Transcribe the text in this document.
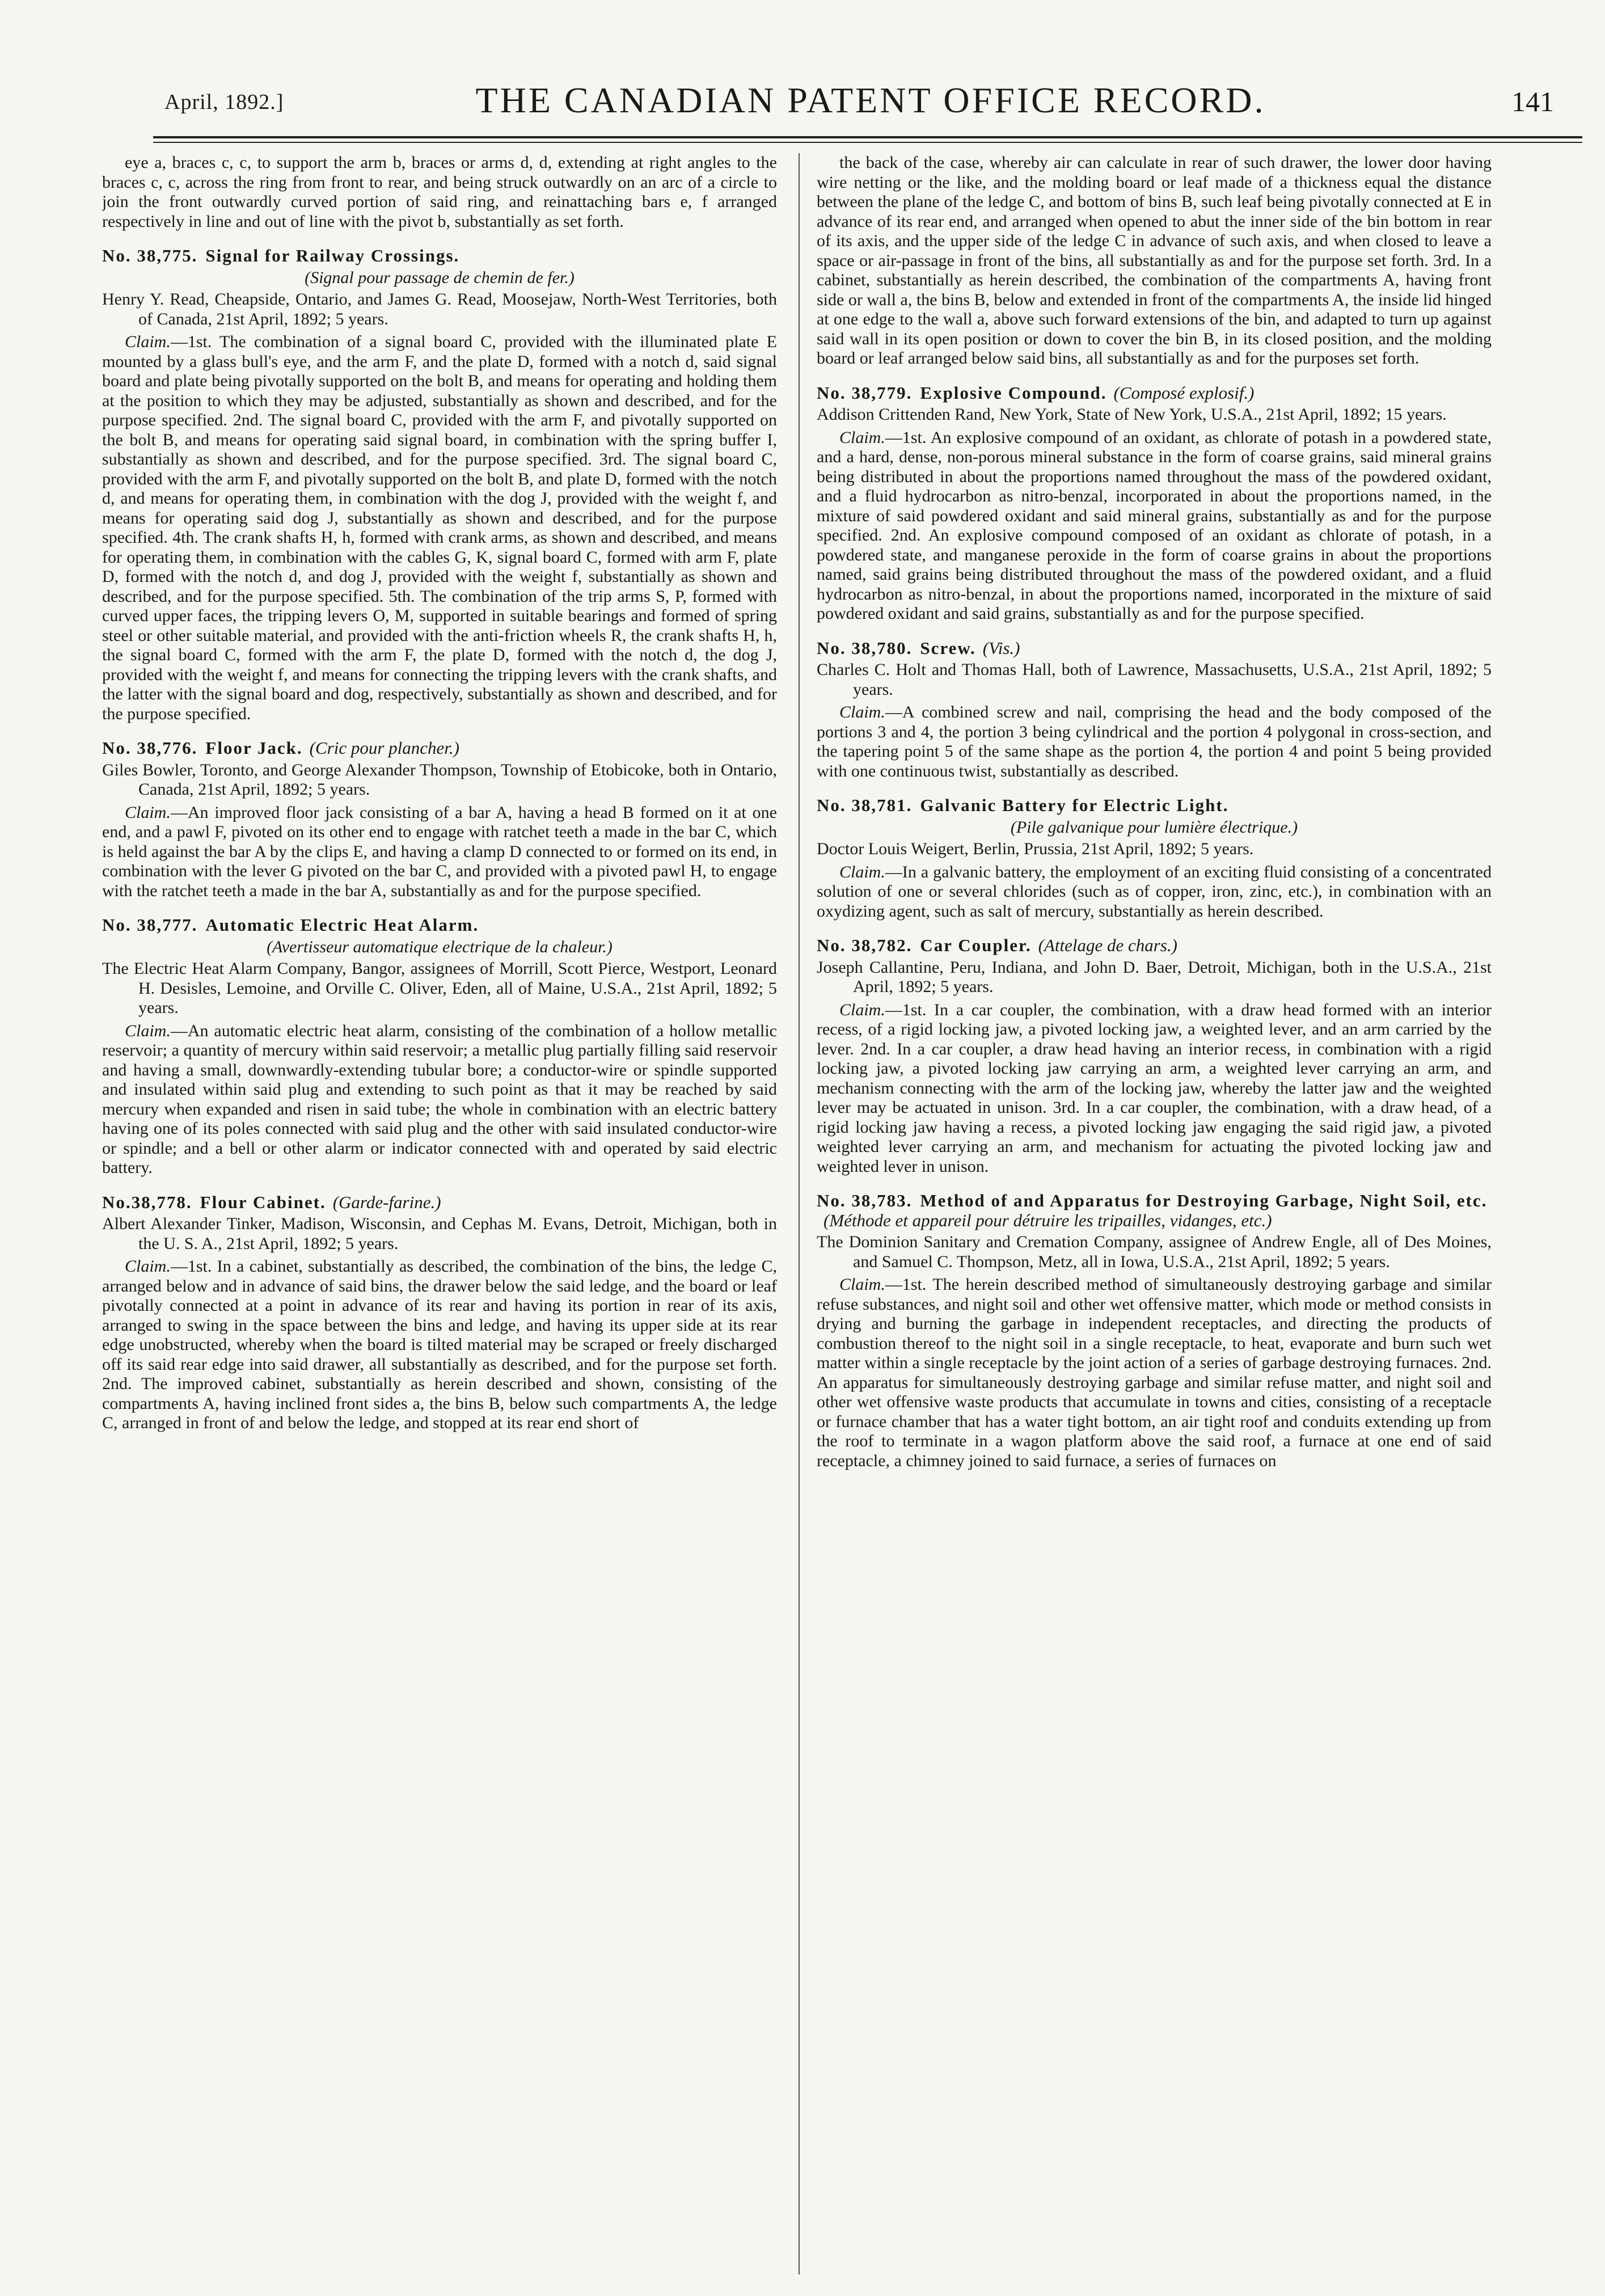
April, 1892.]	THE CANADIAN PATENT OFFICE RECORD.	141

eye a, braces c, c, to support the arm b, braces or arms d, d, extending at right angles to the braces c, c, across the ring from front to rear, and being struck outwardly on an arc of a circle to join the front outwardly curved portion of said ring, and reinattaching bars e, f arranged respectively in line and out of line with the pivot b, substantially as set forth.

No. 38,775. Signal for Railway Crossings.
(Signal pour passage de chemin de fer.)

Henry Y. Read, Cheapside, Ontario, and James G. Read, Moosejaw, North-West Territories, both of Canada, 21st April, 1892; 5 years.

Claim.—1st. The combination of a signal board C, provided with the illuminated plate E mounted by a glass bull's eye, and the arm F, and the plate D, formed with a notch d, said signal board and plate being pivotally supported on the bolt B, and means for operating and holding them at the position to which they may be adjusted, substantially as shown and described, and for the purpose specified. 2nd. The signal board C, provided with the arm F, and pivotally supported on the bolt B, and means for operating said signal board, in combination with the spring buffer I, substantially as shown and described, and for the purpose specified. 3rd. The signal board C, provided with the arm F, and pivotally supported on the bolt B, and plate D, formed with the notch d, and means for operating them, in combination with the dog J, provided with the weight f, and means for operating said dog J, substantially as shown and described, and for the purpose specified. 4th. The crank shafts H, h, formed with crank arms, as shown and described, and means for operating them, in combination with the cables G, K, signal board C, formed with arm F, plate D, formed with the notch d, and dog J, provided with the weight f, substantially as shown and described, and for the purpose specified. 5th. The combination of the trip arms S, P, formed with curved upper faces, the tripping levers O, M, supported in suitable bearings and formed of spring steel or other suitable material, and provided with the anti-friction wheels R, the crank shafts H, h, the signal board C, formed with the arm F, the plate D, formed with the notch d, the dog J, provided with the weight f, and means for connecting the tripping levers with the crank shafts, and the latter with the signal board and dog, respectively, substantially as shown and described, and for the purpose specified.

No. 38,776. Floor Jack. (Cric pour plancher.)

Giles Bowler, Toronto, and George Alexander Thompson, Township of Etobicoke, both in Ontario, Canada, 21st April, 1892; 5 years.

Claim.—An improved floor jack consisting of a bar A, having a head B formed on it at one end, and a pawl F, pivoted on its other end to engage with ratchet teeth a made in the bar C, which is held against the bar A by the clips E, and having a clamp D connected to or formed on its end, in combination with the lever G pivoted on the bar C, and provided with a pivoted pawl H, to engage with the ratchet teeth a made in the bar A, substantially as and for the purpose specified.

No. 38,777. Automatic Electric Heat Alarm.
(Avertisseur automatique electrique de la chaleur.)

The Electric Heat Alarm Company, Bangor, assignees of Morrill, Scott Pierce, Westport, Leonard H. Desisles, Lemoine, and Orville C. Oliver, Eden, all of Maine, U.S.A., 21st April, 1892; 5 years.

Claim.—An automatic electric heat alarm, consisting of the combination of a hollow metallic reservoir; a quantity of mercury within said reservoir; a metallic plug partially filling said reservoir and having a small, downwardly-extending tubular bore; a conductor-wire or spindle supported and insulated within said plug and extending to such point as that it may be reached by said mercury when expanded and risen in said tube; the whole in combination with an electric battery having one of its poles connected with said plug and the other with said insulated conductor-wire or spindle; and a bell or other alarm or indicator connected with and operated by said electric battery.

No.38,778. Flour Cabinet. (Garde-farine.)

Albert Alexander Tinker, Madison, Wisconsin, and Cephas M. Evans, Detroit, Michigan, both in the U. S. A., 21st April, 1892; 5 years.

Claim.—1st. In a cabinet, substantially as described, the combination of the bins, the ledge C, arranged below and in advance of said bins, the drawer below the said ledge, and the board or leaf pivotally connected at a point in advance of its rear and having its portion in rear of its axis, arranged to swing in the space between the bins and ledge, and having its upper side at its rear edge unobstructed, whereby when the board is tilted material may be scraped or freely discharged off its said rear edge into said drawer, all substantially as described, and for the purpose set forth. 2nd. The improved cabinet, substantially as herein described and shown, consisting of the compartments A, having inclined front sides a, the bins B, below such compartments A, the ledge C, arranged in front of and below the ledge, and stopped at its rear end short of

the back of the case, whereby air can calculate in rear of such drawer, the lower door having wire netting or the like, and the molding board or leaf made of a thickness equal the distance between the plane of the ledge C, and bottom of bins B, such leaf being pivotally connected at E in advance of its rear end, and arranged when opened to abut the inner side of the bin bottom in rear of its axis, and the upper side of the ledge C in advance of such axis, and when closed to leave a space or air-passage in front of the bins, all substantially as and for the purpose set forth. 3rd. In a cabinet, substantially as herein described, the combination of the compartments A, having front side or wall a, the bins B, below and extended in front of the compartments A, the inside lid hinged at one edge to the wall a, above such forward extensions of the bin, and adapted to turn up against said wall in its open position or down to cover the bin B, in its closed position, and the molding board or leaf arranged below said bins, all substantially as and for the purposes set forth.

No. 38,779. Explosive Compound. (Composé explosif.)

Addison Crittenden Rand, New York, State of New York, U.S.A., 21st April, 1892; 15 years.

Claim.—1st. An explosive compound of an oxidant, as chlorate of potash in a powdered state, and a hard, dense, non-porous mineral substance in the form of coarse grains, said mineral grains being distributed in about the proportions named throughout the mass of the powdered oxidant, and a fluid hydrocarbon as nitro-benzal, incorporated in about the proportions named, in the mixture of said powdered oxidant and said mineral grains, substantially as and for the purpose specified. 2nd. An explosive compound composed of an oxidant as chlorate of potash, in a powdered state, and manganese peroxide in the form of coarse grains in about the proportions named, said grains being distributed throughout the mass of the powdered oxidant, and a fluid hydrocarbon as nitro-benzal, in about the proportions named, incorporated in the mixture of said powdered oxidant and said grains, substantially as and for the purpose specified.

No. 38,780. Screw. (Vis.)

Charles C. Holt and Thomas Hall, both of Lawrence, Massachusetts, U.S.A., 21st April, 1892; 5 years.

Claim.—A combined screw and nail, comprising the head and the body composed of the portions 3 and 4, the portion 3 being cylindrical and the portion 4 polygonal in cross-section, and the tapering point 5 of the same shape as the portion 4, the portion 4 and point 5 being provided with one continuous twist, substantially as described.

No. 38,781. Galvanic Battery for Electric Light.
(Pile galvanique pour lumière électrique.)

Doctor Louis Weigert, Berlin, Prussia, 21st April, 1892; 5 years.

Claim.—In a galvanic battery, the employment of an exciting fluid consisting of a concentrated solution of one or several chlorides (such as of copper, iron, zinc, etc.), in combination with an oxydizing agent, such as salt of mercury, substantially as herein described.

No. 38,782. Car Coupler. (Attelage de chars.)

Joseph Callantine, Peru, Indiana, and John D. Baer, Detroit, Michigan, both in the U.S.A., 21st April, 1892; 5 years.

Claim.—1st. In a car coupler, the combination, with a draw head formed with an interior recess, of a rigid locking jaw, a pivoted locking jaw, a weighted lever, and an arm carried by the lever. 2nd. In a car coupler, a draw head having an interior recess, in combination with a rigid locking jaw, a pivoted locking jaw carrying an arm, a weighted lever carrying an arm, and mechanism connecting with the arm of the locking jaw, whereby the latter jaw and the weighted lever may be actuated in unison. 3rd. In a car coupler, the combination, with a draw head, of a rigid locking jaw having a recess, a pivoted locking jaw engaging the said rigid jaw, a pivoted weighted lever carrying an arm, and mechanism for actuating the pivoted locking jaw and weighted lever in unison.

No. 38,783. Method of and Apparatus for Destroying Garbage, Night Soil, etc.(Méthode et appareil pour détruire les tripailles, vidanges, etc.)

The Dominion Sanitary and Cremation Company, assignee of Andrew Engle, all of Des Moines, and Samuel C. Thompson, Metz, all in Iowa, U.S.A., 21st April, 1892; 5 years.

Claim.—1st. The herein described method of simultaneously destroying garbage and similar refuse substances, and night soil and other wet offensive matter, which mode or method consists in drying and burning the garbage in independent receptacles, and directing the products of combustion thereof to the night soil in a single receptacle, to heat, evaporate and burn such wet matter within a single receptacle by the joint action of a series of garbage destroying furnaces. 2nd. An apparatus for simultaneously destroying garbage and similar refuse matter, and night soil and other wet offensive waste products that accumulate in towns and cities, consisting of a receptacle or furnace chamber that has a water tight bottom, an air tight roof and conduits extending up from the roof to terminate in a wagon platform above the said roof, a furnace at one end of said receptacle, a chimney joined to said furnace, a series of furnaces on
